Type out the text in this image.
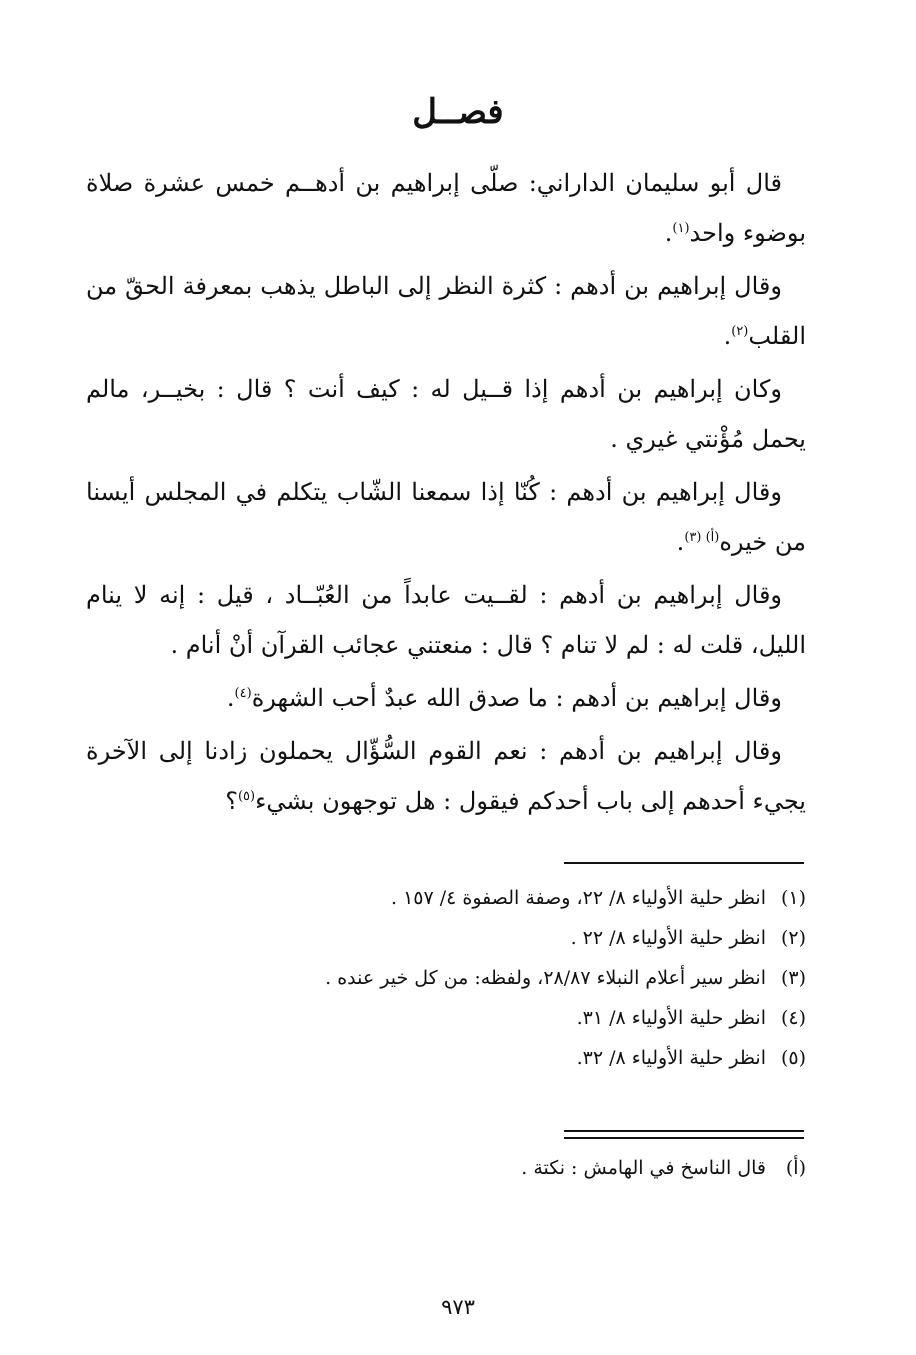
فصــل

قال أبو سليمان الداراني: صلّى إبراهيم بن أدهــم خمس عشرة صلاة بوضوء واحد$^{(١)}$.

وقال إبراهيم بن أدهم : كثرة النظر إلى الباطل يذهب بمعرفة الحقّ من القلب$^{(٢)}$.

وكان إبراهيم بن أدهم إذا قــيل له : كيف أنت ؟ قال : بخيــر، مالم يحمل مُؤْنتي غيري .

وقال إبراهيم بن أدهم : كُنّا إذا سمعنا الشّاب يتكلم في المجلس أيسنا من خيره$^{(أ) (٣)}$.

وقال إبراهيم بن أدهم : لقــيت عابداً من العُبّــاد ، قيل : إنه لا ينام الليل، قلت له : لم لا تنام ؟ قال : منعتني عجائب القرآن أنْ أنام .

وقال إبراهيم بن أدهم : ما صدق الله عبدٌ أحب الشهرة$^{(٤)}$.

وقال إبراهيم بن أدهم : نعم القوم السُّؤّال يحملون زادنا إلى الآخرة يجيء أحدهم إلى باب أحدكم فيقول : هل توجهون بشيء$^{(٥)}$؟

(١)انظر حلية الأولياء ٨/ ٢٢، وصفة الصفوة ٤/ ١٥٧ .

(٢)انظر حلية الأولياء ٨/ ٢٢ .

(٣)انظر سير أعلام النبلاء ٢٨/٨٧، ولفظه: من كل خير عنده .

(٤)انظر حلية الأولياء ٨/ ٣١.

(٥)انظر حلية الأولياء ٨/ ٣٢.

(أ)قال الناسخ في الهامش : نكتة .
٩٧٣
